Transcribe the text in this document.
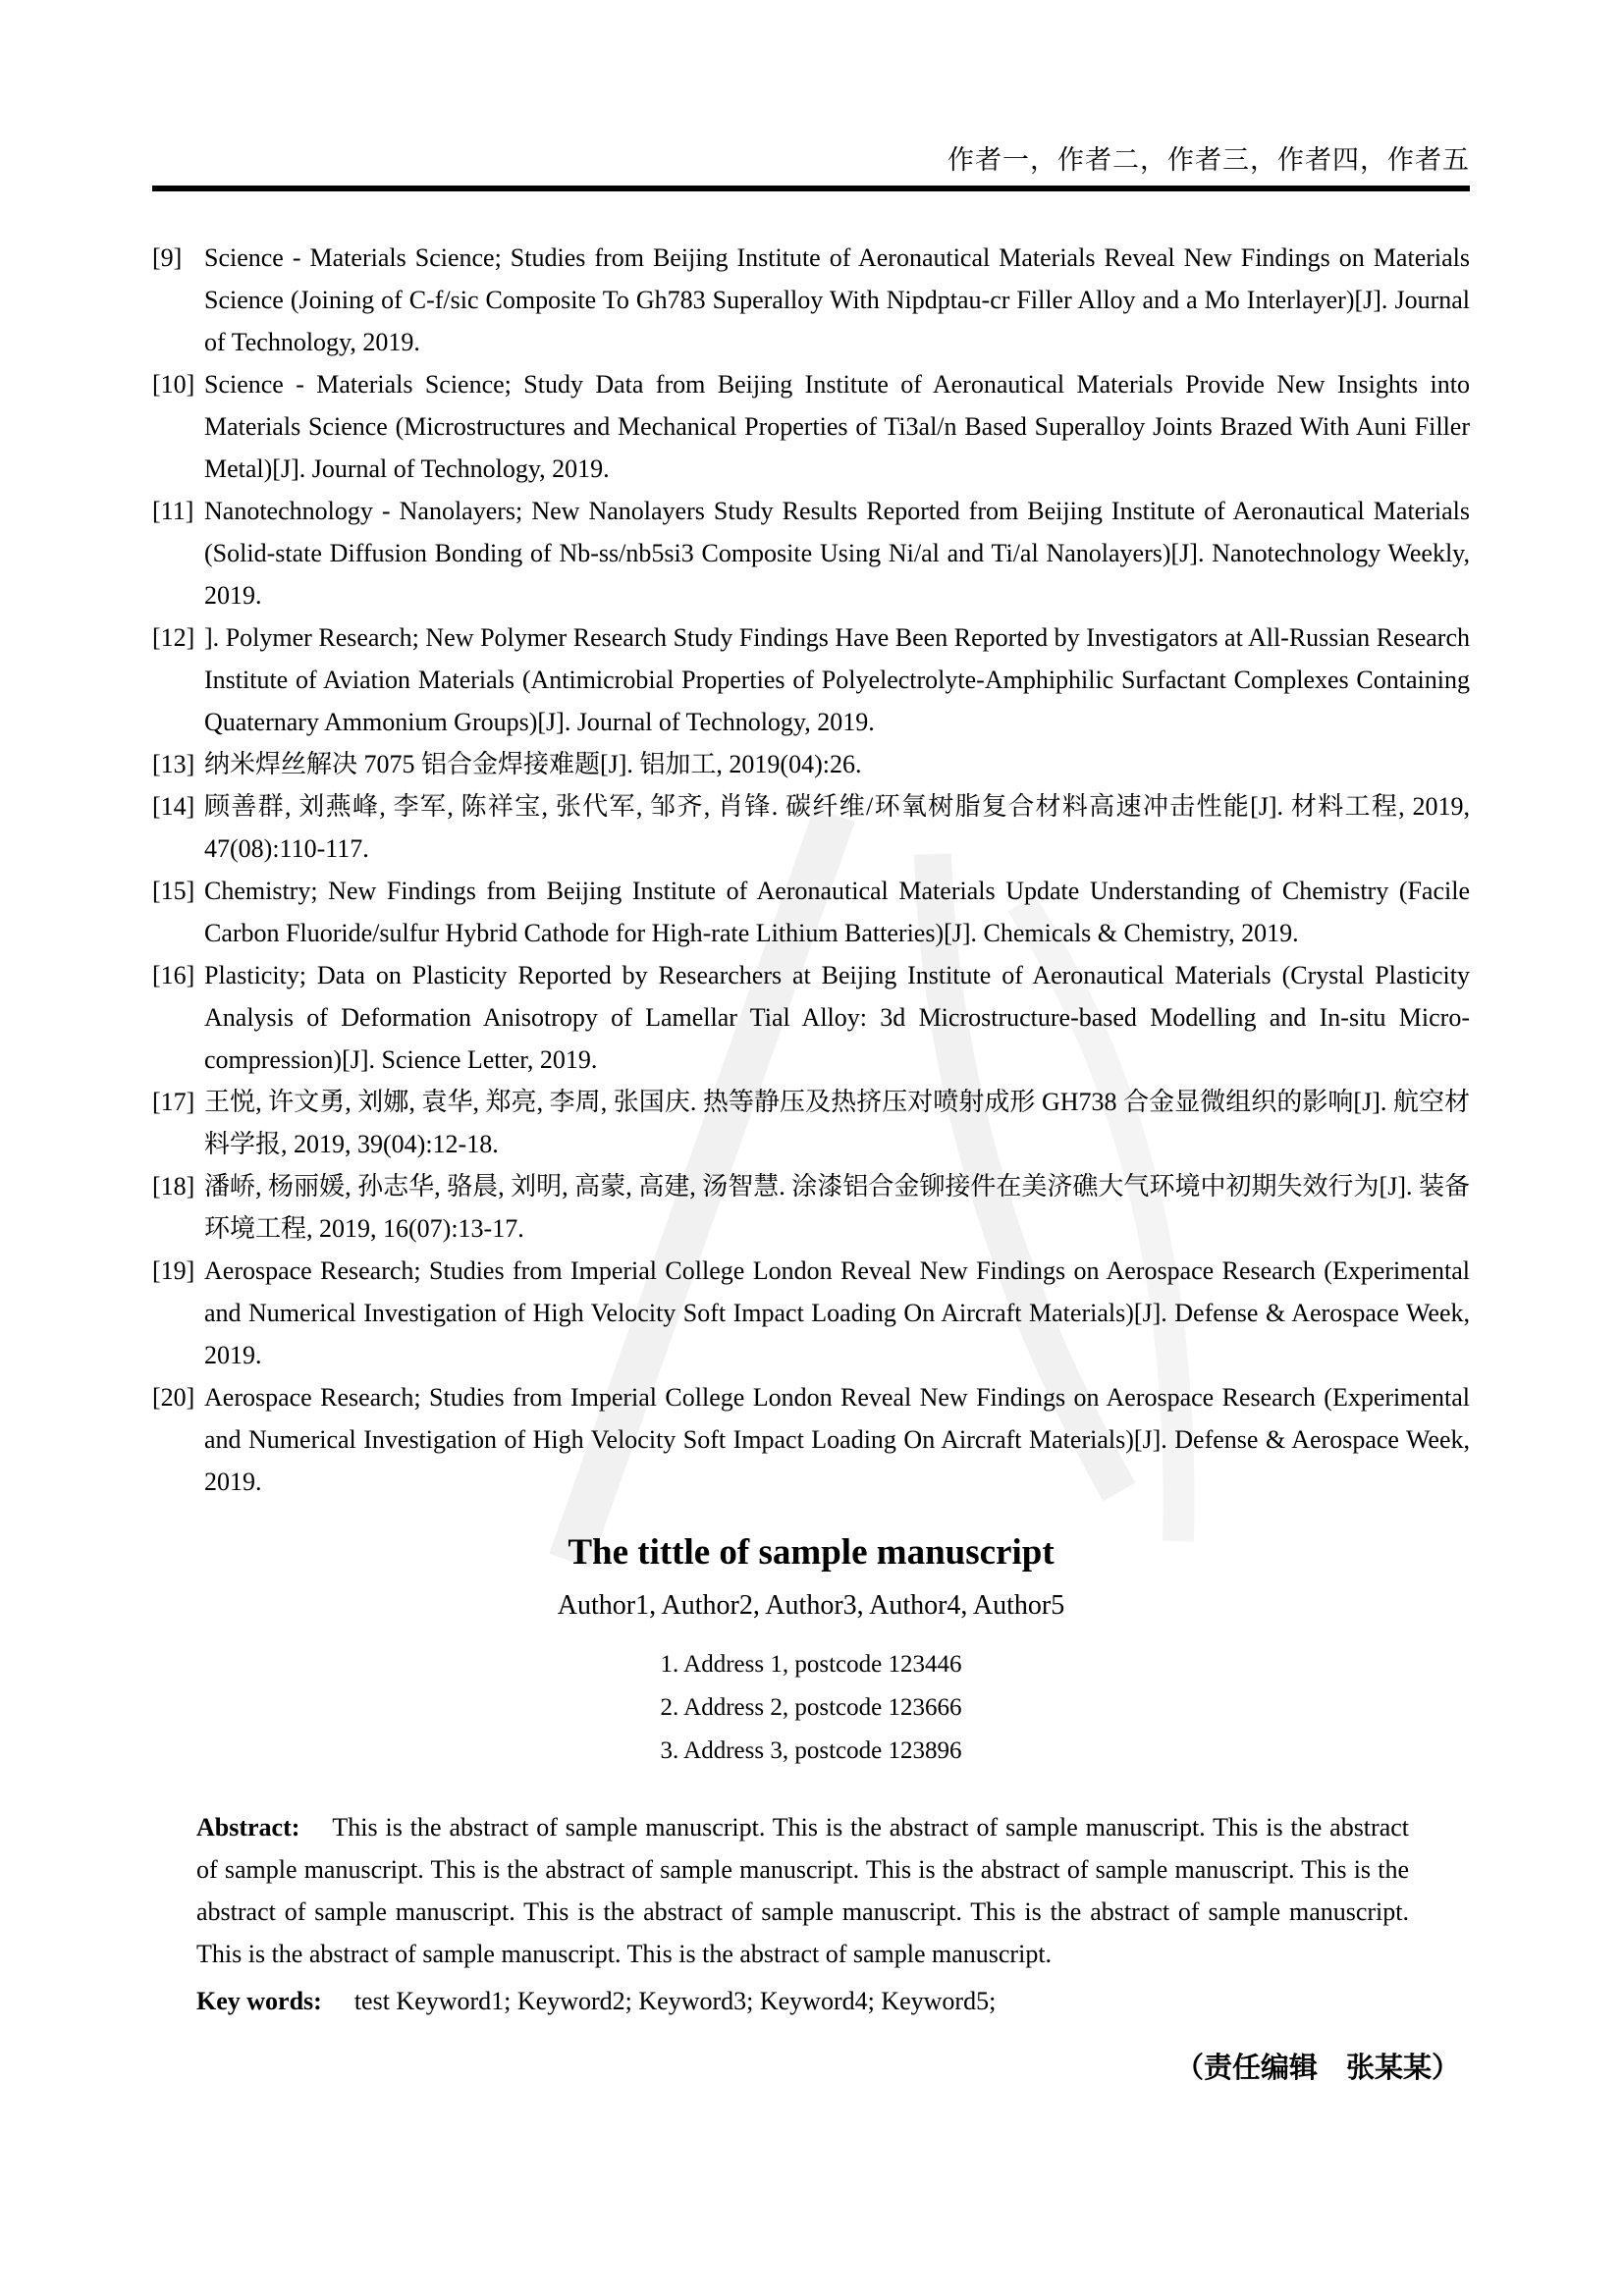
作者一，作者二，作者三，作者四，作者五
[9] Science - Materials Science; Studies from Beijing Institute of Aeronautical Materials Reveal New Findings on Materials Science (Joining of C-f/sic Composite To Gh783 Superalloy With Nipdptau-cr Filler Alloy and a Mo Interlayer)[J]. Journal of Technology, 2019.
[10] Science - Materials Science; Study Data from Beijing Institute of Aeronautical Materials Provide New Insights into Materials Science (Microstructures and Mechanical Properties of Ti3al/n Based Superalloy Joints Brazed With Auni Filler Metal)[J]. Journal of Technology, 2019.
[11] Nanotechnology - Nanolayers; New Nanolayers Study Results Reported from Beijing Institute of Aeronautical Materials (Solid-state Diffusion Bonding of Nb-ss/nb5si3 Composite Using Ni/al and Ti/al Nanolayers)[J]. Nanotechnology Weekly, 2019.
[12] ]. Polymer Research; New Polymer Research Study Findings Have Been Reported by Investigators at All-Russian Research Institute of Aviation Materials (Antimicrobial Properties of Polyelectrolyte-Amphiphilic Surfactant Complexes Containing Quaternary Ammonium Groups)[J]. Journal of Technology, 2019.
[13] 纳米焊丝解决 7075 铝合金焊接难题[J]. 铝加工, 2019(04):26.
[14] 顾善群, 刘燕峰, 李军, 陈祥宝, 张代军, 邹齐, 肖锋. 碳纤维/环氧树脂复合材料高速冲击性能[J]. 材料工程, 2019, 47(08):110-117.
[15] Chemistry; New Findings from Beijing Institute of Aeronautical Materials Update Understanding of Chemistry (Facile Carbon Fluoride/sulfur Hybrid Cathode for High-rate Lithium Batteries)[J]. Chemicals & Chemistry, 2019.
[16] Plasticity; Data on Plasticity Reported by Researchers at Beijing Institute of Aeronautical Materials (Crystal Plasticity Analysis of Deformation Anisotropy of Lamellar Tial Alloy: 3d Microstructure-based Modelling and In-situ Micro-compression)[J]. Science Letter, 2019.
[17] 王悦, 许文勇, 刘娜, 袁华, 郑亮, 李周, 张国庆. 热等静压及热挤压对喷射成形 GH738 合金显微组织的影响[J]. 航空材料学报, 2019, 39(04):12-18.
[18] 潘峤, 杨丽媛, 孙志华, 骆晨, 刘明, 高蒙, 高建, 汤智慧. 涂漆铝合金铆接件在美济礁大气环境中初期失效行为[J]. 装备环境工程, 2019, 16(07):13-17.
[19] Aerospace Research; Studies from Imperial College London Reveal New Findings on Aerospace Research (Experimental and Numerical Investigation of High Velocity Soft Impact Loading On Aircraft Materials)[J]. Defense & Aerospace Week, 2019.
[20] Aerospace Research; Studies from Imperial College London Reveal New Findings on Aerospace Research (Experimental and Numerical Investigation of High Velocity Soft Impact Loading On Aircraft Materials)[J]. Defense & Aerospace Week, 2019.
The tittle of sample manuscript
Author1, Author2, Author3, Author4, Author5
1. Address 1, postcode 123446
2. Address 2, postcode 123666
3. Address 3, postcode 123896

Abstract: This is the abstract of sample manuscript. This is the abstract of sample manuscript. This is the abstract of sample manuscript. This is the abstract of sample manuscript. This is the abstract of sample manuscript. This is the abstract of sample manuscript. This is the abstract of sample manuscript. This is the abstract of sample manuscript. This is the abstract of sample manuscript. This is the abstract of sample manuscript.

Key words: test Keyword1; Keyword2; Keyword3; Keyword4; Keyword5;

（责任编辑　张某某）
